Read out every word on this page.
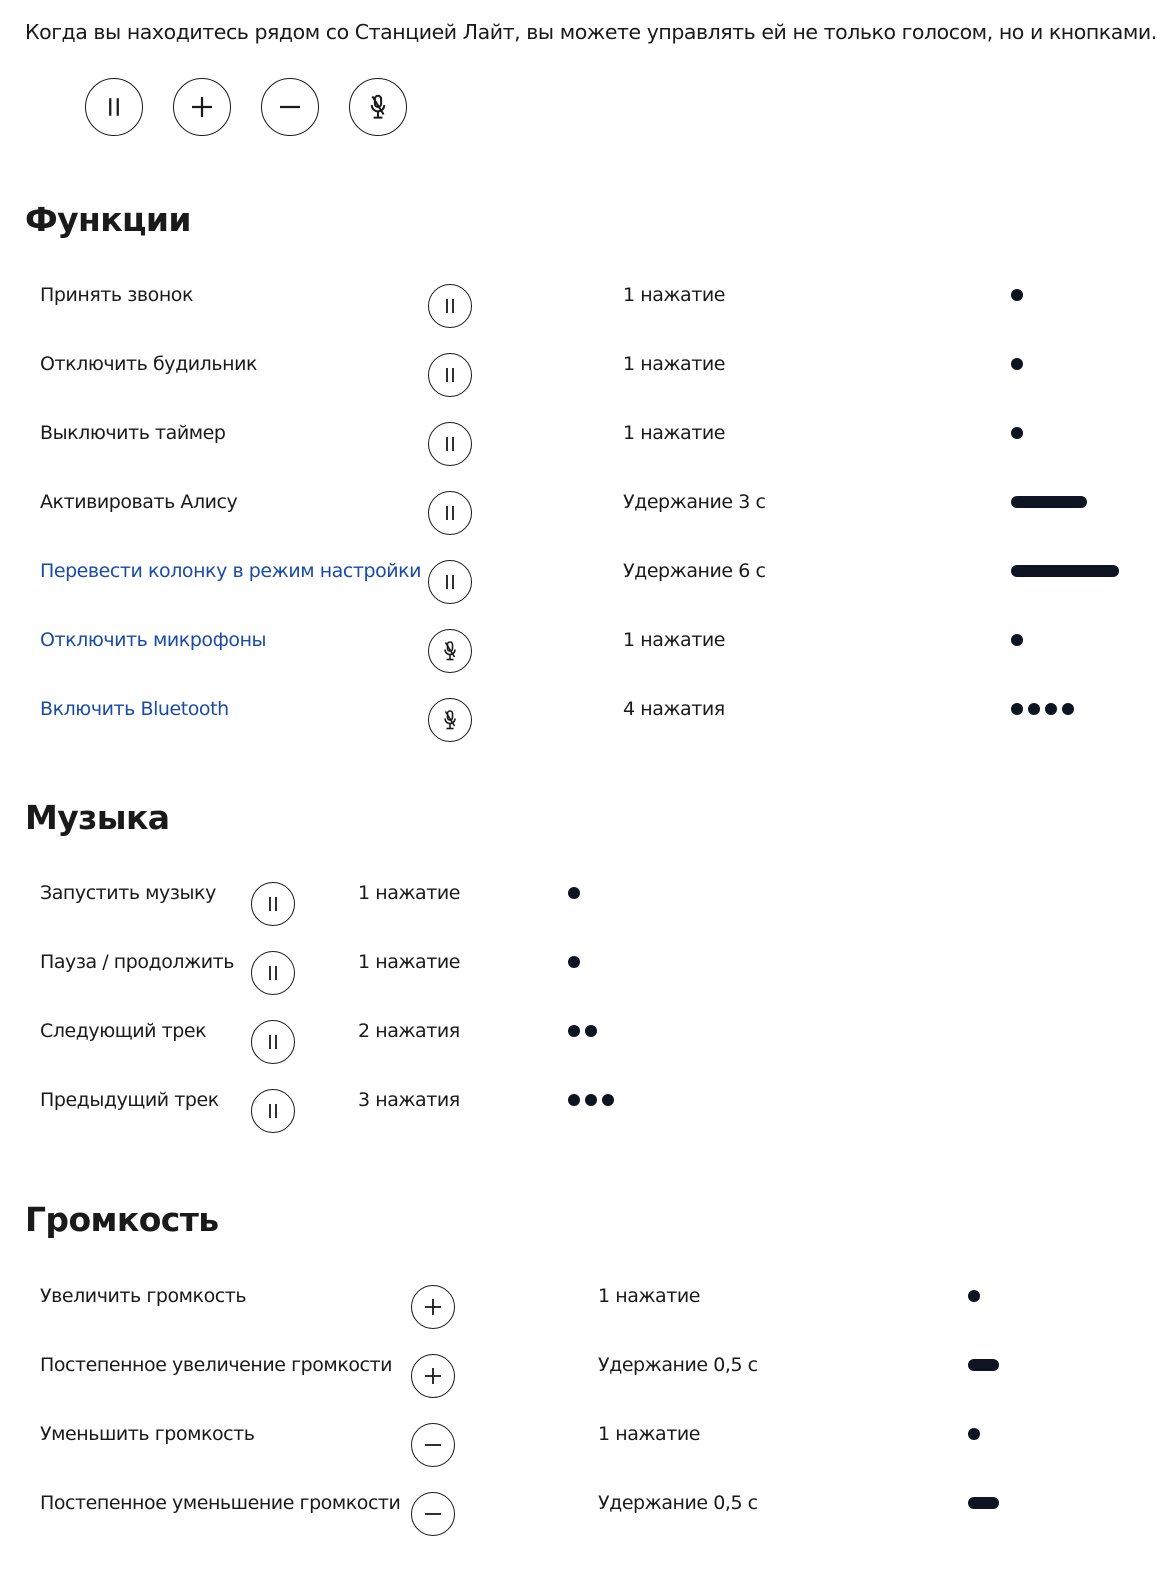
Когда вы находитесь рядом со Станцией Лайт, вы можете управлять ей не только голосом, но и кнопками.

Функции
Принять звонок	1 нажатие
Отключить будильник	1 нажатие
Выключить таймер	1 нажатие
Активировать Алису	Удержание 3 с
Перевести колонку в режим настройки	Удержание 6 с
Отключить микрофоны	1 нажатие
Включить Bluetooth	4 нажатия
Музыка
Запустить музыку	1 нажатие
Пауза / продолжить	1 нажатие
Следующий трек	2 нажатия
Предыдущий трек	3 нажатия
Громкость
Увеличить громкость	1 нажатие
Постепенное увеличение громкости	Удержание 0,5 с
Уменьшить громкость	1 нажатие
Постепенное уменьшение громкости	Удержание 0,5 с
